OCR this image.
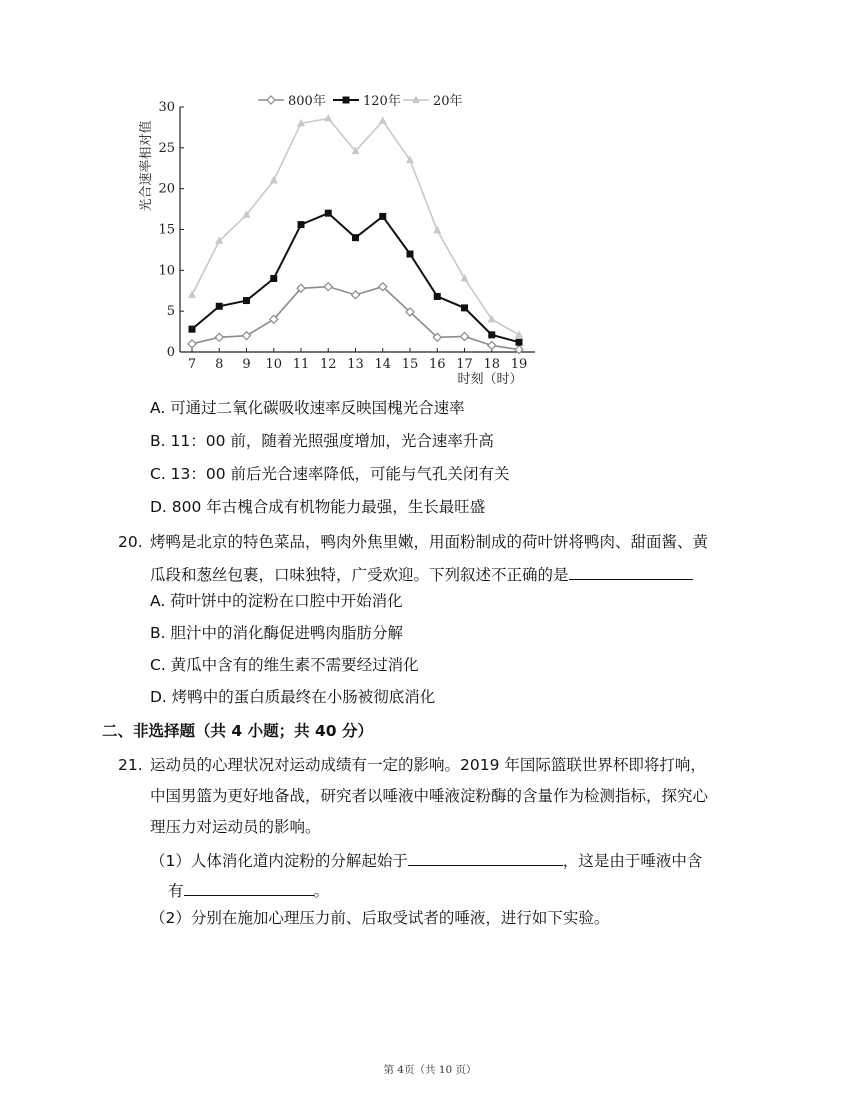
800年	120年 20年
光合速率相对值
0
5
10
15
20
25
30
7 8 9 10 11 12 13 14 15 16 17 18 19
时刻（时）
A. 可通过二氧化碳吸收速率反映国槐光合速率
B. 11：00 前，随着光照强度增加，光合速率升高
C. 13：00 前后光合速率降低，可能与气孔关闭有关
D. 800 年古槐合成有机物能力最强，生长最旺盛
20. 烤鸭是北京的特色菜品，鸭肉外焦里嫩，用面粉制成的荷叶饼将鸭肉、甜面酱、黄
瓜段和葱丝包裹，口味独特，广受欢迎。下列叙述不正确的是
A. 荷叶饼中的淀粉在口腔中开始消化
B. 胆汁中的消化酶促进鸭肉脂肪分解
C. 黄瓜中含有的维生素不需要经过消化
D. 烤鸭中的蛋白质最终在小肠被彻底消化
二、非选择题（共 4 小题；共 40 分）
21. 运动员的心理状况对运动成绩有一定的影响。2019 年国际篮联世界杯即将打响，
中国男篮为更好地备战，研究者以唾液中唾液淀粉酶的含量作为检测指标，探究心
理压力对运动员的影响。
（1）人体消化道内淀粉的分解起始于	，这是由于唾液中含
有	。
（2）分别在施加心理压力前、后取受试者的唾液，进行如下实验。
第 4页（共 10 页）
